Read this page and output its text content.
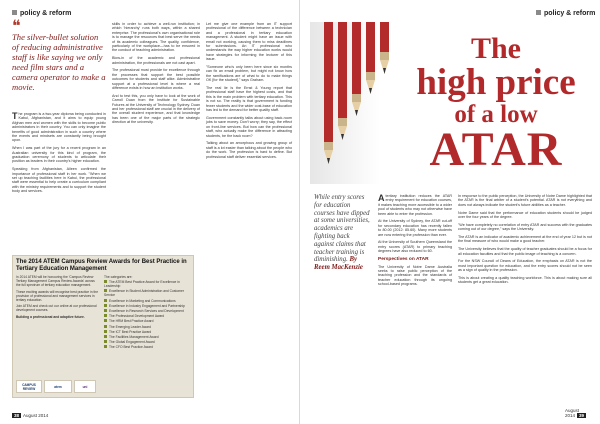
policy & reform
❝
The silver-bullet solution of reducing administrative staff is like saying we only need film stars and a camera operator to make a movie.

The program is a two-year diploma being conducted in Kabul, Afghanistan, and it aims to equip young Afghan men and women with the skills to become public administrators in their country. You can only imagine the benefits of good administration in such a country where the events and mindsets are constantly being brought upon.

When I was part of the jury for a recent program in an Australian university for this kind of program, the graduation ceremony of students to articulate their position as leaders in their country's higher education.

Speaking from Afghanistan, Aileen confirmed the importance of professional staff in her work. "When we set up teaching facilities here in Kabul, the professional staff were essential to help create a curriculum compliant with the ministry requirements and to support the student body and services.

skills in order to achieve a well-run institution; in which 'hierarchy' runs both ways, within a shared enterprise. The professional's own organisational role is to manage the resources that best serve the needs of its academic colleagues. The quality, confidence, particularly of the workplace—has to be ensured in the conduct of teaching administration.

Blow-in of the academic and professional administration, the professionals are not cast apart.

The professional must provide for excellence through the processes that support the best possible outcomes for students and staff alike. Administrative support at a professional level is where a real difference exists in how an institution works.

And to test this, you only have to look at the work of Carroll Duan from the Institute for Sustainable Futures at the University of Technology Sydney. Duan and her professional staff are crucial in the delivery of the overall student experience, and that knowledge has been one of the major parts of the strategic direction at the university.

Let me give one example from an IT support professional of the difference between a technician and a professional in tertiary education management. A student might have an issue with email not working, causing them to miss deadlines for submissions. An IT professional who understands the way higher education works would have strategies for informing the lecturer of this issue.

"Someone who's only been here since six months can fix an email problem, but might not know how the ramifications are of what to do to make things OK [for the student]," says Graham.

The real lie is the Ernst & Young report that professional staff have the highest costs, and that this is the main problem with tertiary education. This is not so. The reality is that government is funding fewer students and the wider cost-base of education has led to the demand for better quality staff.

Government constantly talks about using back-room jobs to save money. Don't worry; they say, the effect on front-line services. But how can the professional staff, who actually make the difference in attracting students, be the back room?

Talking about an amorphous and growing group of staff is a lot easier than talking about the people who do the work. The profession is hard to define. But professional staff deliver essential services.

The 2014 ATEM Campus Review Awards for Best Practice in Tertiary Education Management

In 2014 ATEM will be honouring the 'Campus Review Tertiary Management Campus Review Awards' across the full spectrum of tertiary education management.

These exciting awards will recognise best practice in the provision of professional and management services in tertiary education.

Join ATEM and check out our online at our professional development courses.

Building a professional and adaptive future.

The categories are:

The ATEM Best Practice Award for Excellence in Leadership

Excellence in Student Administration and Customer Service

Excellence in Marketing and Communications

Excellence in Industry Engagement and Partnership

Excellence in Research Services and Development

The Professional Development Award

The HRM Best Practice Award

The Emerging Leader Award

The ICT Best Practice Award

The Facilities Management Award

The Global Engagement Award

The CFO Best Practice Award

CAMPUS REVIEW	atem	uni
38 August 2014
policy & reform
The
high price
of a low
ATAR
While entry scores for education courses have dipped at some universities, academics are fighting back against claims that teacher training is diminishing. By Reem MacKenzie

Atertiary institution reduces the ATAR entry requirement for education courses, it makes teaching more accessible to a wider pool of students who may not otherwise have been able to enter the profession.

At the University of Sydney, the ATAR cut-off for secondary education has recently fallen to 80.00 (2012: 85.60). Many more students are now entering the profession than ever.

At the University of Southern Queensland the entry scores (ATAR) to primary teaching degrees have also reduced to 60.

Perspectives on ATAR

The University of Notre Dame Australia seeks to raise public perception of the teaching profession and the standards of teacher education through its ongoing school-based programs.

In response to the public perception, the University of Notre Dame highlighted that the ATAR is the final arbiter of a student's potential. ATAR is not everything and does not always indicate the student's future abilities as a teacher.

Notre Dame said that the performance of education students should be judged over the four years of the degree.

"We have completely no correlation of entry ATAR and success with the graduates coming out of our degree," says the University.

The ATAR is an indicator of academic achievement at the end of year 12 but is not the final measure of who would make a good teacher.

The University believes that the quality of teacher graduates should be a focus for all education faculties and that the public image of teaching is a concern.

For the NSW Council of Deans of Education, the emphasis on ATAR is not the most important question for education, and the entry scores should not be seen as a sign of quality in the profession.

This is about creating a quality teaching workforce. This is about making sure all students get a great education.

August 2014 39
